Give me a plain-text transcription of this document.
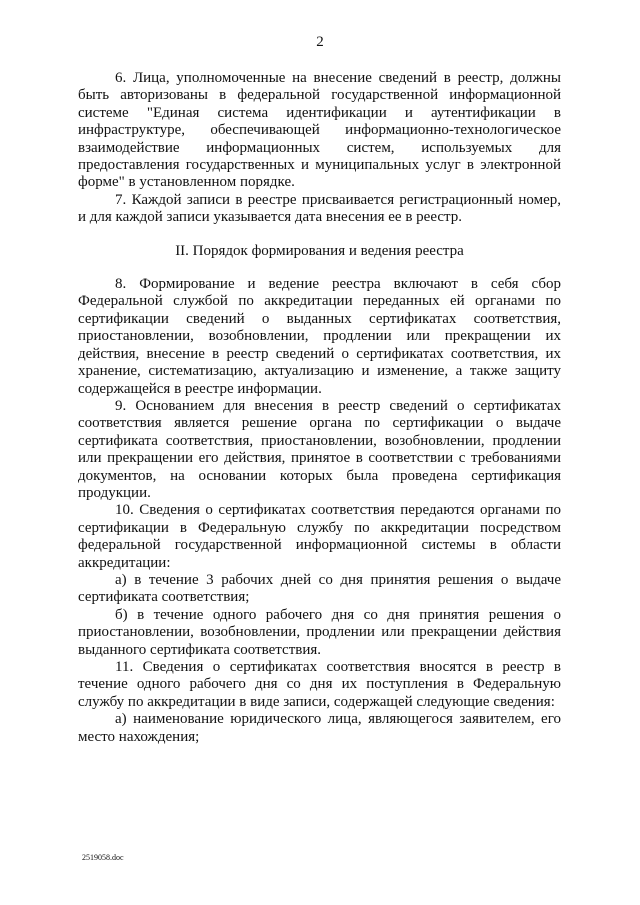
2

6. Лица, уполномоченные на внесение сведений в реестр, должны быть авторизованы в федеральной государственной информационной системе "Единая система идентификации и аутентификации в инфраструктуре, обеспечивающей информационно-технологическое взаимодействие информационных систем, используемых для предоставления государственных и муниципальных услуг в электронной форме" в установленном порядке.

7. Каждой записи в реестре присваивается регистрационный номер, и для каждой записи указывается дата внесения ее в реестр.

II. Порядок формирования и ведения реестра

8. Формирование и ведение реестра включают в себя сбор Федеральной службой по аккредитации переданных ей органами по сертификации сведений о выданных сертификатах соответствия, приостановлении, возобновлении, продлении или прекращении их действия, внесение в реестр сведений о сертификатах соответствия, их хранение, систематизацию, актуализацию и изменение, а также защиту содержащейся в реестре информации.

9. Основанием для внесения в реестр сведений о сертификатах соответствия является решение органа по сертификации о выдаче сертификата соответствия, приостановлении, возобновлении, продлении или прекращении его действия, принятое в соответствии с требованиями документов, на основании которых была проведена сертификация продукции.

10. Сведения о сертификатах соответствия передаются органами по сертификации в Федеральную службу по аккредитации посредством федеральной государственной информационной системы в области аккредитации:

а) в течение 3 рабочих дней со дня принятия решения о выдаче сертификата соответствия;

б) в течение одного рабочего дня со дня принятия решения о приостановлении, возобновлении, продлении или прекращении действия выданного сертификата соответствия.

11. Сведения о сертификатах соответствия вносятся в реестр в течение одного рабочего дня со дня их поступления в Федеральную службу по аккредитации в виде записи, содержащей следующие сведения:

а) наименование юридического лица, являющегося заявителем, его место нахождения;

2519058.doc
